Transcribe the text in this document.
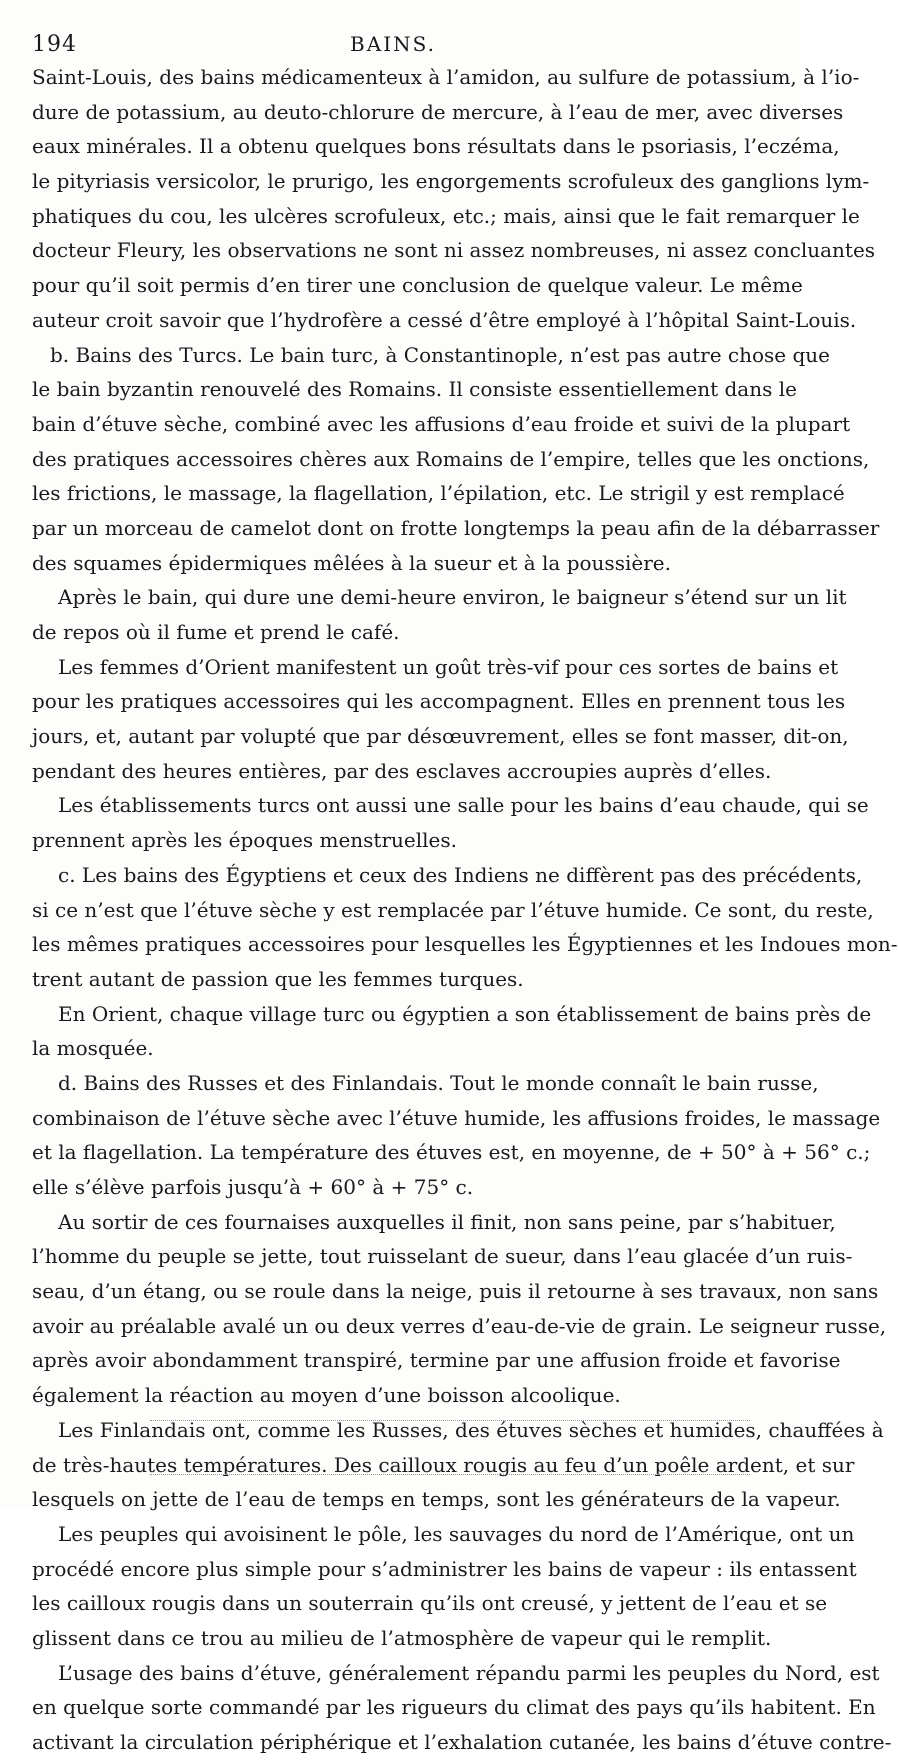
194	BAINS.
Saint-Louis, des bains médicamenteux à l’amidon, au sulfure de potassium, à l’io-
dure de potassium, au deuto-chlorure de mercure, à l’eau de mer, avec diverses
eaux minérales. Il a obtenu quelques bons résultats dans le psoriasis, l’eczéma,
le pityriasis versicolor, le prurigo, les engorgements scrofuleux des ganglions lym-
phatiques du cou, les ulcères scrofuleux, etc.; mais, ainsi que le fait remarquer le
docteur Fleury, les observations ne sont ni assez nombreuses, ni assez concluantes
pour qu’il soit permis d’en tirer une conclusion de quelque valeur. Le même
auteur croit savoir que l’hydrofère a cessé d’être employé à l’hôpital Saint-Louis.
b. Bains des Turcs. Le bain turc, à Constantinople, n’est pas autre chose que
le bain byzantin renouvelé des Romains. Il consiste essentiellement dans le
bain d’étuve sèche, combiné avec les affusions d’eau froide et suivi de la plupart
des pratiques accessoires chères aux Romains de l’empire, telles que les onctions,
les frictions, le massage, la flagellation, l’épilation, etc. Le strigil y est remplacé
par un morceau de camelot dont on frotte longtemps la peau afin de la débarrasser
des squames épidermiques mêlées à la sueur et à la poussière.
Après le bain, qui dure une demi-heure environ, le baigneur s’étend sur un lit
de repos où il fume et prend le café.
Les femmes d’Orient manifestent un goût très-vif pour ces sortes de bains et
pour les pratiques accessoires qui les accompagnent. Elles en prennent tous les
jours, et, autant par volupté que par désœuvrement, elles se font masser, dit-on,
pendant des heures entières, par des esclaves accroupies auprès d’elles.
Les établissements turcs ont aussi une salle pour les bains d’eau chaude, qui se
prennent après les époques menstruelles.
c. Les bains des Égyptiens et ceux des Indiens ne diffèrent pas des précédents,
si ce n’est que l’étuve sèche y est remplacée par l’étuve humide. Ce sont, du reste,
les mêmes pratiques accessoires pour lesquelles les Égyptiennes et les Indoues mon-
trent autant de passion que les femmes turques.
En Orient, chaque village turc ou égyptien a son établissement de bains près de
la mosquée.
d. Bains des Russes et des Finlandais. Tout le monde connaît le bain russe,
combinaison de l’étuve sèche avec l’étuve humide, les affusions froides, le massage
et la flagellation. La température des étuves est, en moyenne, de + 50° à + 56° c.;
elle s’élève parfois jusqu’à + 60° à + 75° c.
Au sortir de ces fournaises auxquelles il finit, non sans peine, par s’habituer,
l’homme du peuple se jette, tout ruisselant de sueur, dans l’eau glacée d’un ruis-
seau, d’un étang, ou se roule dans la neige, puis il retourne à ses travaux, non sans
avoir au préalable avalé un ou deux verres d’eau-de-vie de grain. Le seigneur russe,
après avoir abondamment transpiré, termine par une affusion froide et favorise
également la réaction au moyen d’une boisson alcoolique.
Les Finlandais ont, comme les Russes, des étuves sèches et humides, chauffées à
de très-hautes températures. Des cailloux rougis au feu d’un poêle ardent, et sur
lesquels on jette de l’eau de temps en temps, sont les générateurs de la vapeur.
Les peuples qui avoisinent le pôle, les sauvages du nord de l’Amérique, ont un
procédé encore plus simple pour s’administrer les bains de vapeur : ils entassent
les cailloux rougis dans un souterrain qu’ils ont creusé, y jettent de l’eau et se
glissent dans ce trou au milieu de l’atmosphère de vapeur qui le remplit.
L’usage des bains d’étuve, généralement répandu parmi les peuples du Nord, est
en quelque sorte commandé par les rigueurs du climat des pays qu’ils habitent. En
activant la circulation périphérique et l’exhalation cutanée, les bains d’étuve contre-
